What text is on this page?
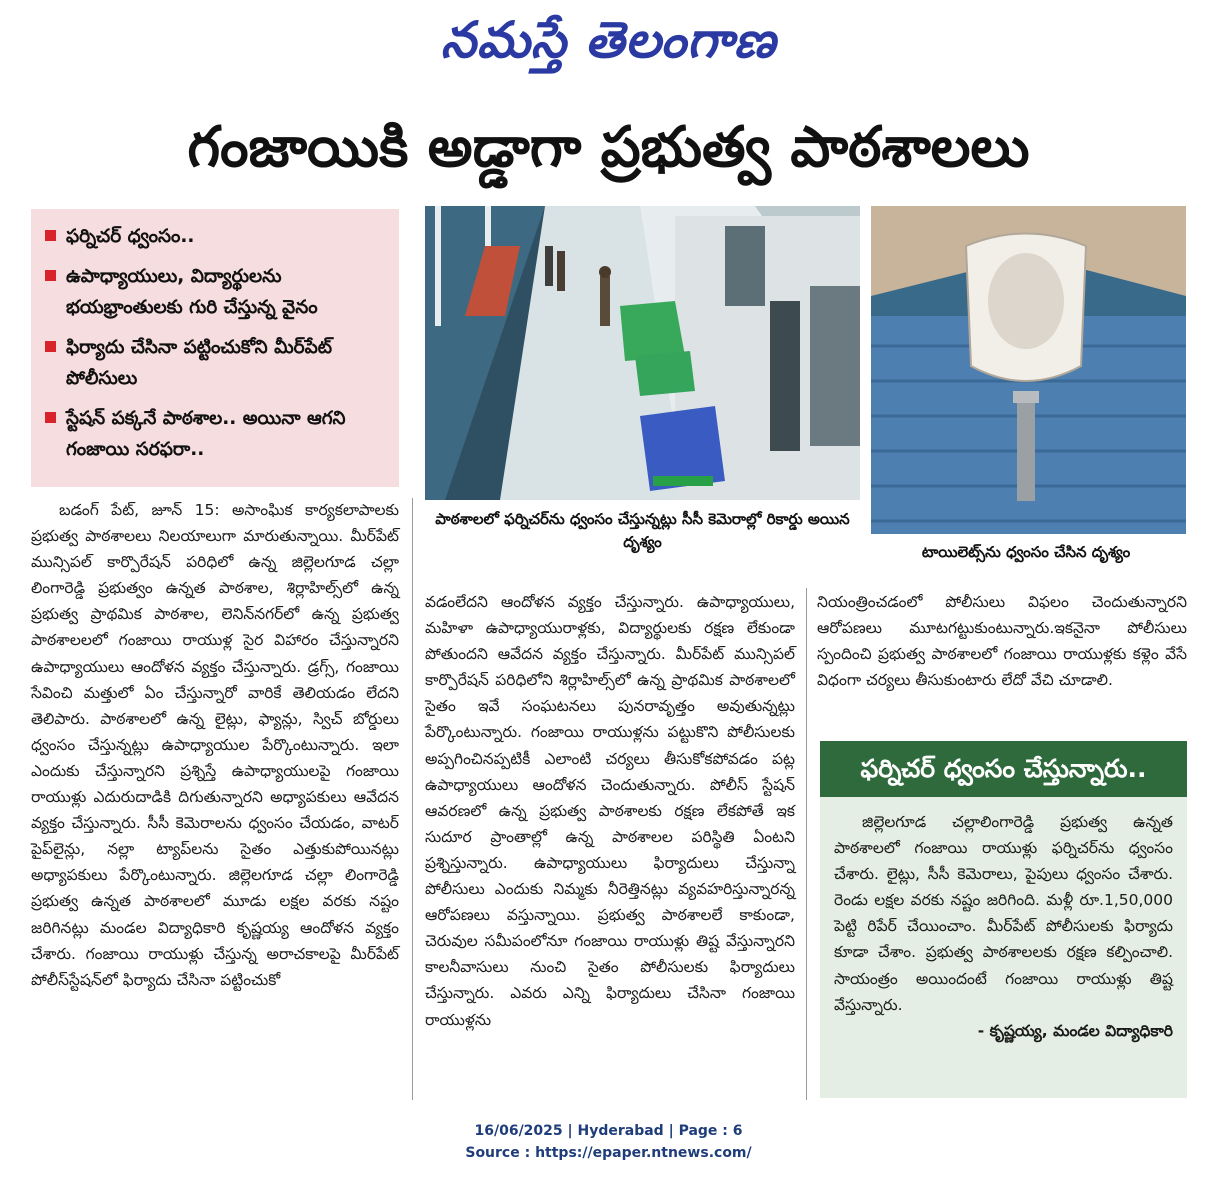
నమస్తే తెలంగాణ
గంజాయికి అడ్డాగా ప్రభుత్వ పాఠశాలలు
ఫర్నిచర్ ధ్వంసం..
ఉపాధ్యాయులు, విద్యార్థులను భయభ్రాంతులకు గురి చేస్తున్న వైనం
ఫిర్యాదు చేసినా పట్టించుకోని మీర్‌పేట్ పోలీసులు
స్టేషన్ పక్కనే పాఠశాల.. అయినా ఆగని గంజాయి సరఫరా..
పాఠశాలలో ఫర్నిచర్‌ను ధ్వంసం చేస్తున్నట్లు సీసీ కెమెరాల్లో రికార్డు అయిన దృశ్యం
టాయిలెట్స్‌ను ధ్వంసం చేసిన దృశ్యం

బడంగ్ పేట్, జూన్ 15: అసాంఘిక కార్యకలాపాలకు ప్రభుత్వ పాఠశాలలు నిలయాలుగా మారుతున్నాయి. మీర్‌పేట్ మున్సిపల్ కార్పొరేషన్ పరిధిలో ఉన్న జిల్లెలగూడ చల్లా లింగారెడ్డి ప్రభుత్వం ఉన్నత పాఠశాల, శిర్లాహిల్స్‌లో ఉన్న ప్రభుత్వ ప్రాథమిక పాఠశాల, లెనిన్‌నగర్‌లో ఉన్న ప్రభుత్వ పాఠశాలలలో గంజాయి రాయుళ్ల సైర విహారం చేస్తున్నారని ఉపాధ్యాయులు ఆందోళన వ్యక్తం చేస్తున్నారు. డ్రగ్స్, గంజాయి సేవించి మత్తులో ఏం చేస్తున్నారో వారికే తెలియడం లేదని తెలిపారు. పాఠశాలలో ఉన్న లైట్లు, ఫ్యాన్లు, స్విచ్ బోర్డులు ధ్వంసం చేస్తున్నట్లు ఉపాధ్యాయుల పేర్కొంటున్నారు. ఇలా ఎందుకు చేస్తున్నారని ప్రశ్నిస్తే ఉపాధ్యాయులపై గంజాయి రాయుళ్లు ఎదురుదాడికి దిగుతున్నారని అధ్యాపకులు ఆవేదన వ్యక్తం చేస్తున్నారు. సీసీ కెమెరాలను ధ్వంసం చేయడం, వాటర్ పైప్‌లైన్లు, నల్లా ట్యాప్‌లను సైతం ఎత్తుకుపోయినట్లు అధ్యాపకులు పేర్కొంటున్నారు. జిల్లెలగూడ చల్లా లింగారెడ్డి ప్రభుత్వ ఉన్నత పాఠశాలలో మూడు లక్షల వరకు నష్టం జరిగినట్లు మండల విద్యాధికారి కృష్ణయ్య ఆందోళన వ్యక్తం చేశారు. గంజాయి రాయుళ్లు చేస్తున్న అరాచకాలపై మీర్‌పేట్ పోలీస్‌స్టేషన్‌లో ఫిర్యాదు చేసినా పట్టించుకో

వడంలేదని ఆందోళన వ్యక్తం చేస్తున్నారు. ఉపాధ్యాయులు, మహిళా ఉపాధ్యాయురాళ్లకు, విద్యార్థులకు రక్షణ లేకుండా పోతుందని ఆవేదన వ్యక్తం చేస్తున్నారు. మీర్‌పేట్ మున్సిపల్ కార్పొరేషన్ పరిధిలోని శిర్లాహిల్స్‌లో ఉన్న ప్రాథమిక పాఠశాలలో సైతం ఇవే సంఘటనలు పునరావృత్తం అవుతున్నట్లు పేర్కొంటున్నారు. గంజాయి రాయుళ్లను పట్టుకొని పోలీసులకు అప్పగించినప్పటికీ ఎలాంటి చర్యలు తీసుకోకపోవడం పట్ల ఉపాధ్యాయులు ఆందోళన చెందుతున్నారు. పోలీస్ స్టేషన్ ఆవరణలో ఉన్న ప్రభుత్వ పాఠశాలకు రక్షణ లేకపోతే ఇక సుదూర ప్రాంతాల్లో ఉన్న పాఠశాలల పరిస్థితి ఏంటని ప్రశ్నిస్తున్నారు. ఉపాధ్యాయులు ఫిర్యాదులు చేస్తున్నా పోలీసులు ఎందుకు నిమ్మకు నీరెత్తినట్లు వ్యవహరిస్తున్నారన్న ఆరోపణలు వస్తున్నాయి. ప్రభుత్వ పాఠశాలలే కాకుండా, చెరువుల సమీపంలోనూ గంజాయి రాయుళ్లు తిష్ట వేస్తున్నారని కాలనీవాసులు నుంచి సైతం పోలీసులకు ఫిర్యాదులు చేస్తున్నారు. ఎవరు ఎన్ని ఫిర్యాదులు చేసినా గంజాయి రాయుళ్లను

నియంత్రించడంలో పోలీసులు విఫలం చెందుతున్నారని ఆరోపణలు మూటగట్టుకుంటున్నారు.ఇకనైనా పోలీసులు స్పందించి ప్రభుత్వ పాఠశాలలో గంజాయి రాయుళ్లకు కళ్లెం వేసే విధంగా చర్యలు తీసుకుంటారు లేదో వేచి చూడాలి.

ఫర్నిచర్ ధ్వంసం చేస్తున్నారు..

జిల్లెలగూడ చల్లాలింగారెడ్డి ప్రభుత్వ ఉన్నత పాఠశాలలో గంజాయి రాయుళ్లు ఫర్నిచర్‌ను ధ్వంసం చేశారు. లైట్లు, సీసీ కెమెరాలు, పైపులు ధ్వంసం చేశారు. రెండు లక్షల వరకు నష్టం జరిగింది. మళ్లీ రూ.1,50,000 పెట్టి రిపేర్ చేయించాం. మీర్‌పేట్ పోలీసులకు ఫిర్యాదు కూడా చేశాం. ప్రభుత్వ పాఠశాలలకు రక్షణ కల్పించాలి. సాయంత్రం అయిందంటే గంజాయి రాయుళ్లు తిష్ట వేస్తున్నారు.

- కృష్ణయ్య, మండల విద్యాధికారి

16/06/2025 | Hyderabad | Page : 6
Source : https://epaper.ntnews.com/
